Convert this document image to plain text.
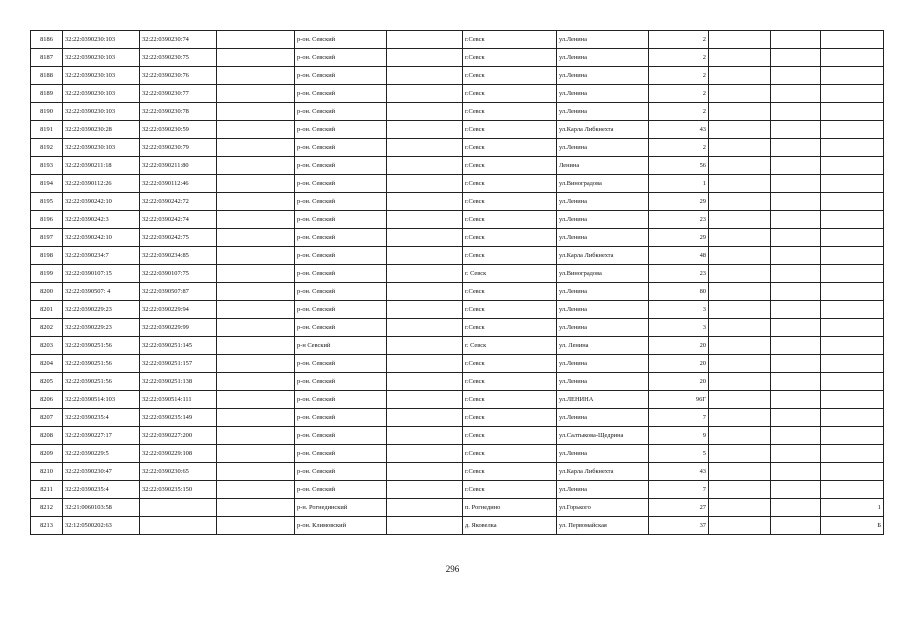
8186	32:22:0390230:103	32:22:0390230:74		р-он. Севский		г.Севск	ул.Ленина	2			
8187	32:22:0390230:103	32:22:0390230:75		р-он. Севский		г.Севск	ул.Ленина	2			
8188	32:22:0390230:103	32:22:0390230:76		р-он. Севский		г.Севск	ул.Ленина	2			
8189	32:22:0390230:103	32:22:0390230:77		р-он. Севский		г.Севск	ул.Ленина	2			
8190	32:22:0390230:103	32:22:0390230:78		р-он. Севский		г.Севск	ул.Ленина	2			
8191	32:22:0390230:28	32:22:0390230:59		р-он. Севский		г.Севск	ул.Карла Либкнехта	43			
8192	32:22:0390230:103	32:22:0390230:79		р-он. Севский		г.Севск	ул.Ленина	2			
8193	32:22:0390211:18	32:22:0390211:80		р-он. Севский		г.Севск	Ленина	56			
8194	32:22:0390112:26	32:22:0390112:46		р-он. Севский		г.Севск	ул.Виноградова	1			
8195	32:22:0390242:10	32:22:0390242:72		р-он. Севский		г.Севск	ул.Ленина	29			
8196	32:22:0390242:3	32:22:0390242:74		р-он. Севский		г.Севск	ул.Ленина	23			
8197	32:22:0390242:10	32:22:0390242:75		р-он. Севский		г.Севск	ул.Ленина	29			
8198	32:22:0390234:7	32:22:0390234:85		р-он. Севский		г.Севск	ул.Карла Либкнехта	48			
8199	32:22:0390107:15	32:22:0390107:75		р-он. Севский		г. Севск	ул.Виноградова	23			
8200	32:22:0390507: 4	32:22:0390507:87		р-он. Севский		г.Севск	ул.Ленина	80			
8201	32:22:0390229:23	32:22:0390229:94		р-он. Севский		г.Севск	ул.Ленина	3			
8202	32:22:0390229:23	32:22:0390229:99		р-он. Севский		г.Севск	ул.Ленина	3			
8203	32:22:0390251:56	32:22:0390251:145		р-н Севский		г. Севск	ул. Ленина	20			
8204	32:22:0390251:56	32:22:0390251:157		р-он. Севский		г.Севск	ул.Ленина	20			
8205	32:22:0390251:56	32:22:0390251:138		р-он. Севский		г.Севск	ул.Ленина	20			
8206	32:22:0390514:103	32:22:0390514:111		р-он. Севский		г.Севск	ул.ЛЕНИНА	96Г			
8207	32:22:0390235:4	32:22:0390235:149		р-он. Севский		г.Севск	ул.Ленина	7			
8208	32:22:0390227:17	32:22:0390227:200		р-он. Севский		г.Севск	ул.Салтыкова-Щедрина	9			
8209	32:22:0390229:5	32:22:0390229:108		р-он. Севский		г.Севск	ул.Ленина	5			
8210	32:22:0390230:47	32:22:0390230:65		р-он. Севский		г.Севск	ул.Карла Либкнехта	43			
8211	32:22:0390235:4	32:22:0390235:150		р-он. Севский		г.Севск	ул.Ленина	7			
8212	32:21:0060103:58			р-н. Рогнединский		п. Рогнедино	ул.Горького	27			1
8213	32:12:0500202:63			р-он. Климовский		д. Яковелка	ул. Первомайская	37			Б
296
